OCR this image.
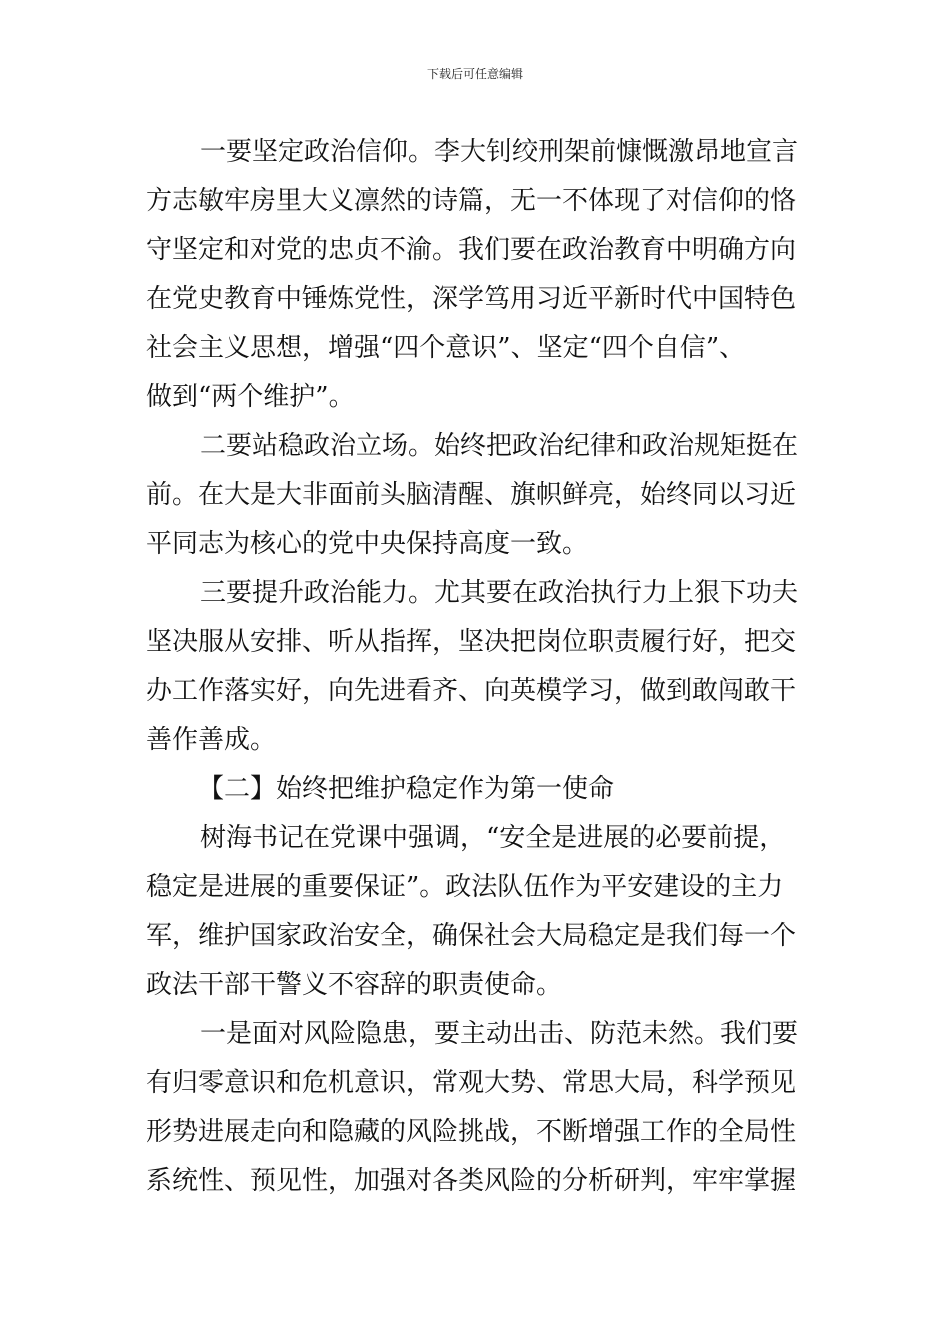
下载后可任意编辑
一要坚定政治信仰。李大钊绞刑架前慷慨激昂地宣言
方志敏牢房里大义凛然的诗篇，无一不体现了对信仰的恪
守坚定和对党的忠贞不渝。我们要在政治教育中明确方向
在党史教育中锤炼党性，深学笃用习近平新时代中国特色
社会主义思想，增强“四个意识”、坚定“四个自信”、
做到“两个维护”。
二要站稳政治立场。始终把政治纪律和政治规矩挺在
前。在大是大非面前头脑清醒、旗帜鲜亮，始终同以习近
平同志为核心的党中央保持高度一致。
三要提升政治能力。尤其要在政治执行力上狠下功夫
坚决服从安排、听从指挥，坚决把岗位职责履行好，把交
办工作落实好，向先进看齐、向英模学习，做到敢闯敢干
善作善成。
【二】始终把维护稳定作为第一使命
树海书记在党课中强调，“安全是进展的必要前提，
稳定是进展的重要保证”。政法队伍作为平安建设的主力
军，维护国家政治安全，确保社会大局稳定是我们每一个
政法干部干警义不容辞的职责使命。
一是面对风险隐患，要主动出击、防范未然。我们要
有归零意识和危机意识，常观大势、常思大局，科学预见
形势进展走向和隐藏的风险挑战，不断增强工作的全局性
系统性、预见性，加强对各类风险的分析研判，牢牢掌握
